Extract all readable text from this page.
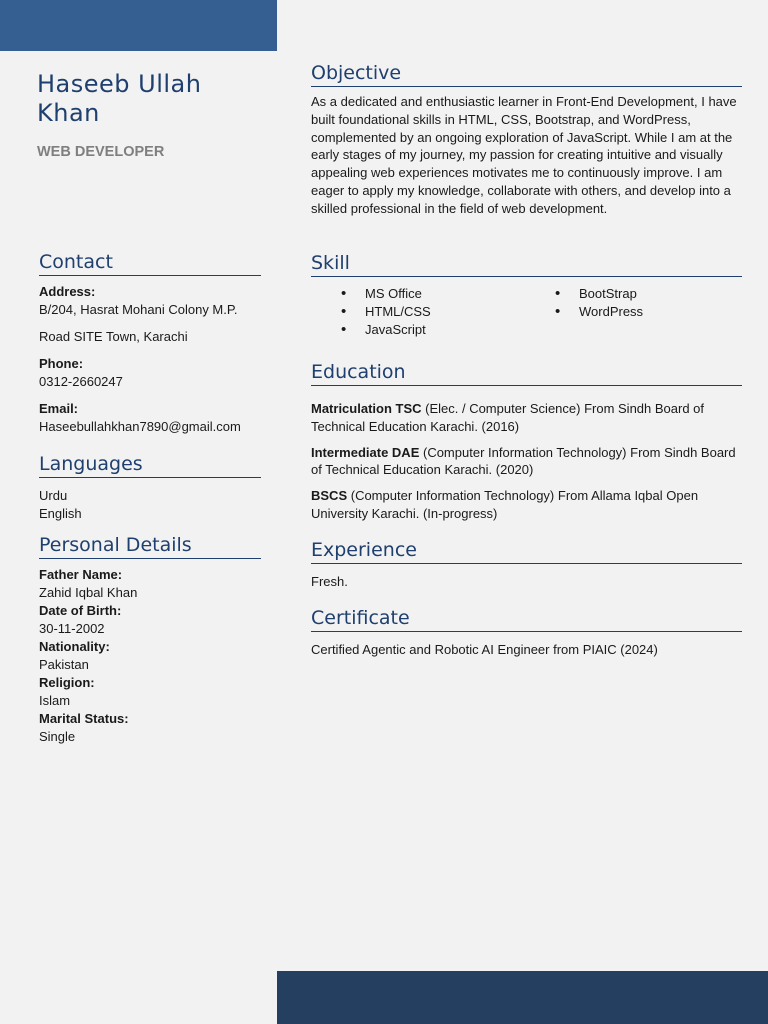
Haseeb Ullah Khan
WEB DEVELOPER
Contact
Address:
B/204, Hasrat Mohani Colony M.P.
Road SITE Town, Karachi
Phone:
0312-2660247
Email:
Haseebullahkhan7890@gmail.com
Languages
Urdu
English
Personal Details
Father Name:
Zahid Iqbal Khan
Date of Birth:
30-11-2002
Nationality:
Pakistan
Religion:
Islam
Marital Status:
Single
Objective

As a dedicated and enthusiastic learner in Front-End Development, I have built foundational skills in HTML, CSS, Bootstrap, and WordPress, complemented by an ongoing exploration of JavaScript. While I am at the early stages of my journey, my passion for creating intuitive and visually appealing web experiences motivates me to continuously improve. I am eager to apply my knowledge, collaborate with others, and develop into a skilled professional in the field of web development.

Skill
• MS Office
• HTML/CSS
• JavaScript
• BootStrap
• WordPress
Education

Matriculation TSC (Elec. / Computer Science) From Sindh Board of Technical Education Karachi. (2016)

Intermediate DAE (Computer Information Technology) From Sindh Board of Technical Education Karachi. (2020)

BSCS (Computer Information Technology) From Allama Iqbal Open University Karachi. (In-progress)

Experience

Fresh.

Certificate

Certified Agentic and Robotic AI Engineer from PIAIC (2024)
